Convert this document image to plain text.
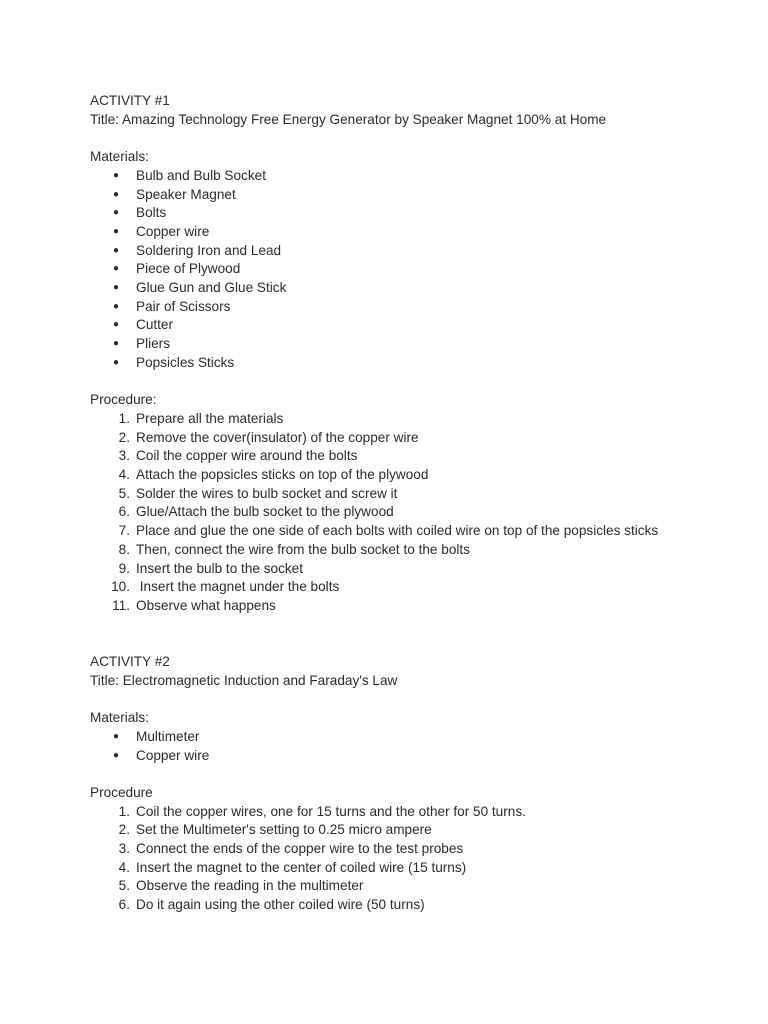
ACTIVITY #1

Title: Amazing Technology Free Energy Generator by Speaker Magnet 100% at Home

Materials:

● Bulb and Bulb Socket
● Speaker Magnet
● Bolts
● Copper wire
● Soldering Iron and Lead
● Piece of Plywood
● Glue Gun and Glue Stick
● Pair of Scissors
● Cutter
● Pliers
● Popsicles Sticks

Procedure:

1. Prepare all the materials
2. Remove the cover(insulator) of the copper wire
3. Coil the copper wire around the bolts
4. Attach the popsicles sticks on top of the plywood
5. Solder the wires to bulb socket and screw it
6. Glue/Attach the bulb socket to the plywood
7. Place and glue the one side of each bolts with coiled wire on top of the popsicles sticks
8. Then, connect the wire from the bulb socket to the bolts
9. Insert the bulb to the socket
10. Insert the magnet under the bolts
11. Observe what happens

ACTIVITY #2

Title: Electromagnetic Induction and Faraday's Law

Materials:

● Multimeter
● Copper wire

Procedure

1. Coil the copper wires, one for 15 turns and the other for 50 turns.
2. Set the Multimeter's setting to 0.25 micro ampere
3. Connect the ends of the copper wire to the test probes
4. Insert the magnet to the center of coiled wire (15 turns)
5. Observe the reading in the multimeter
6. Do it again using the other coiled wire (50 turns)
